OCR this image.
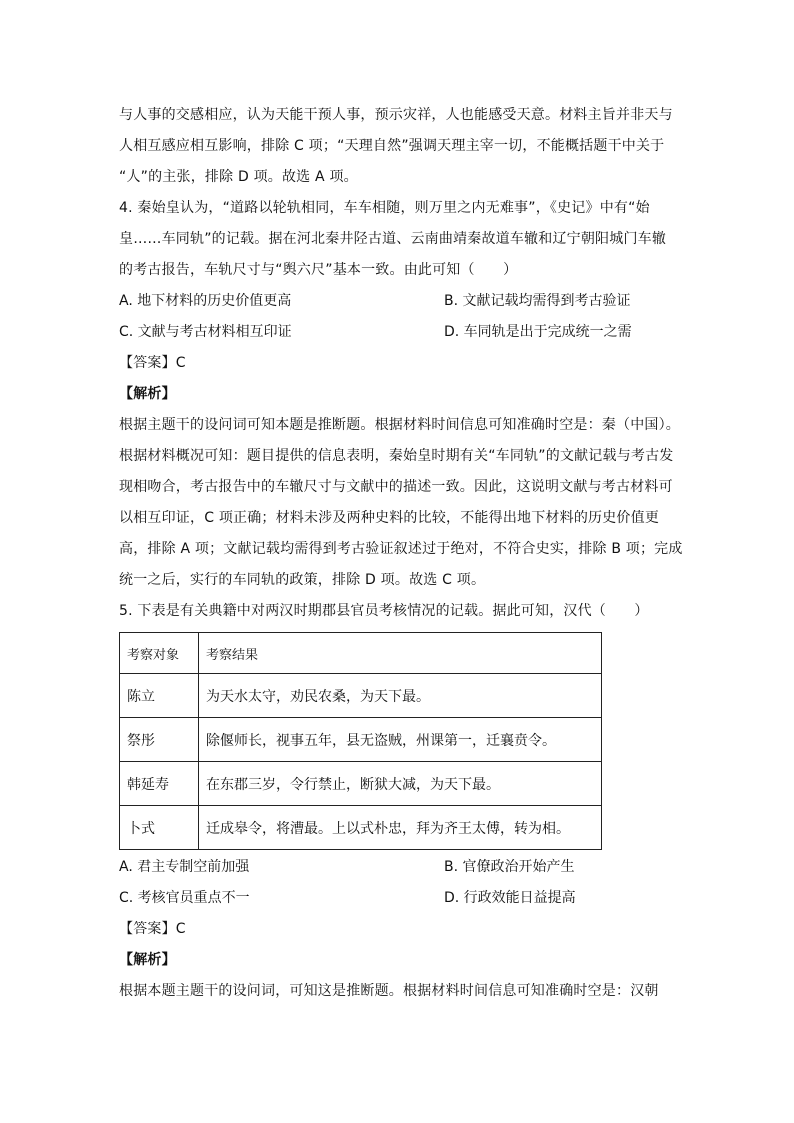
与人事的交感相应，认为天能干预人事，预示灾祥，人也能感受天意。材料主旨并非天与
人相互感应相互影响，排除 C 项；“天理自然”强调天理主宰一切，不能概括题干中关于
“人”的主张，排除 D 项。故选 A 项。
4. 秦始皇认为，“道路以轮轨相同，车车相随，则万里之内无难事”，《史记》中有“始
皇……车同轨”的记载。据在河北秦井陉古道、云南曲靖秦故道车辙和辽宁朝阳城门车辙
的考古报告，车轨尺寸与“舆六尺”基本一致。由此可知（　　）
A. 地下材料的历史价值更高	B. 文献记载均需得到考古验证
C. 文献与考古材料相互印证	D. 车同轨是出于完成统一之需
【答案】C
【解析】
根据主题干的设问词可知本题是推断题。根据材料时间信息可知准确时空是：秦（中国）。
根据材料概况可知：题目提供的信息表明，秦始皇时期有关“车同轨”的文献记载与考古发
现相吻合，考古报告中的车辙尺寸与文献中的描述一致。因此，这说明文献与考古材料可
以相互印证，C 项正确；材料未涉及两种史料的比较，不能得出地下材料的历史价值更
高，排除 A 项；文献记载均需得到考古验证叙述过于绝对，不符合史实，排除 B 项；完成
统一之后，实行的车同轨的政策，排除 D 项。故选 C 项。
5. 下表是有关典籍中对两汉时期郡县官员考核情况的记载。据此可知，汉代（　　）
考察对象	考察结果
陈立	为天水太守，劝民农桑，为天下最。
祭彤	除偃师长，视事五年，县无盗贼，州课第一，迁襄贲令。
韩延寿	在东郡三岁，令行禁止，断狱大减，为天下最。
卜式	迁成皋令，将漕最。上以式朴忠，拜为齐王太傅，转为相。
A. 君主专制空前加强	B. 官僚政治开始产生
C. 考核官员重点不一	D. 行政效能日益提高
【答案】C
【解析】
根据本题主题干的设问词，可知这是推断题。根据材料时间信息可知准确时空是：汉朝
